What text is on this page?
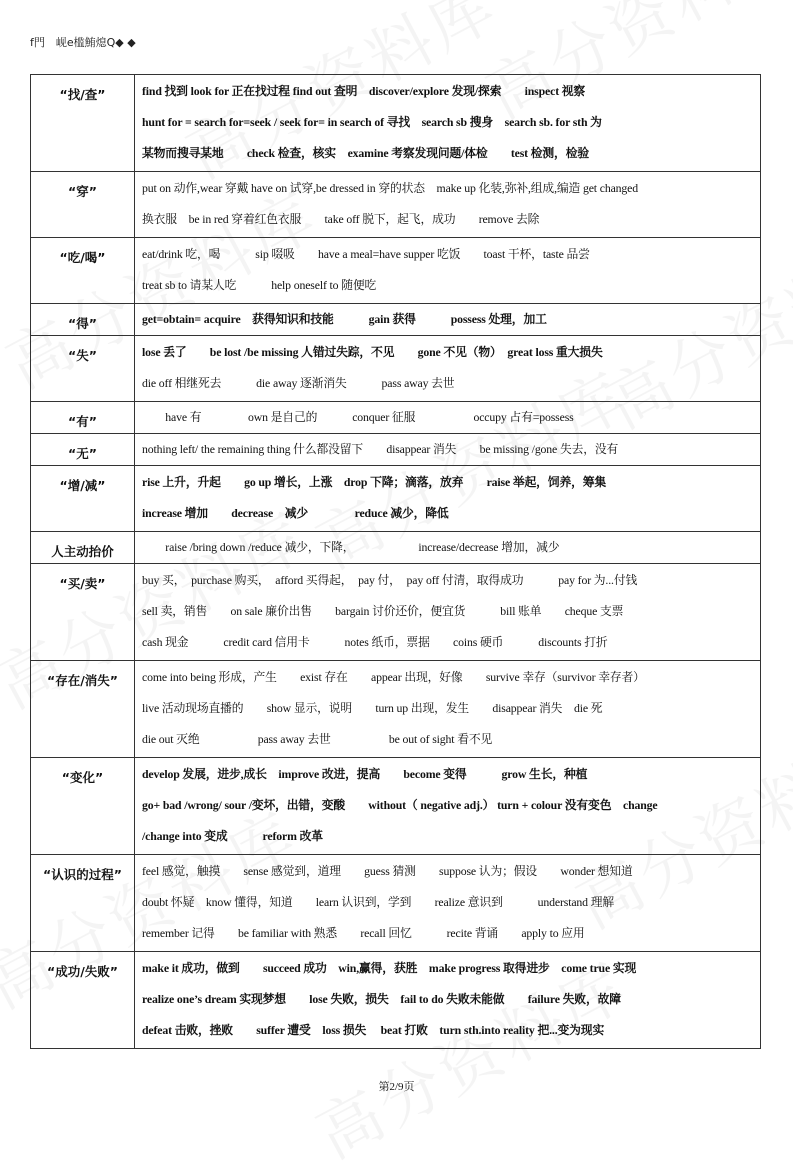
f門　岘e槛鮪熄Q◆ ◆
“找/查”	find 找到 look for 正在找过程 find out 查明　discover/explore 发现/探索　　inspect 视察
hunt for = search for=seek / seek for= in search of 寻找　search sb 搜身　search sb. for sth 为
某物而搜寻某地　　check 检查，核实　examine 考察发现问题/体检　　test 检测，检验

“穿”	put on 动作,wear 穿戴 have on 试穿,be dressed in 穿的状态　make up 化装,弥补,组成,编造 get changed
换衣服　be in red 穿着红色衣服　　take off 脱下，起飞，成功　　remove 去除

“吃/喝”	eat/drink 吃，喝　　　sip 啜吸　　have a meal=have supper 吃饭　　toast 干杯，taste 品尝
treat sb to 请某人吃　　　help oneself to 随便吃

“得”	get=obtain= acquire　获得知识和技能　　　gain 获得　　　possess 处理，加工

“失”	lose 丢了　　be lost /be missing 人错过失踪，不见　　gone 不见（物）　great loss 重大损失
die off 相继死去　　　die away 逐渐消失　　　pass away 去世

“有”	　　have 有　　　　own 是自己的　　　conquer 征服　　　　　occupy 占有=possess

“无”	nothing left/ the remaining thing 什么都没留下　　disappear 消失　　be missing /gone 失去，没有

“增/减”	rise 上升，升起　　go up 增长，上涨　drop 下降；滴落，放弃　　raise 举起，饲养，筹集
increase 增加　　decrease　减少　　　　reduce 减少，降低

人主动抬价	　　raise /bring down /reduce 减少，下降，　　　　　　increase/decrease 增加，减少

“买/卖”	buy 买，　purchase 购买，　afford 买得起，　pay 付，　pay off 付清，取得成功　　　pay for 为...付钱
sell 卖，销售　　on sale 廉价出售　　bargain 讨价还价，便宜货　　　bill 账单　　cheque 支票
cash 现金　　　credit card 信用卡　　　notes 纸币，票据　　coins 硬币　　　discounts 打折

“存在/消失”	come into being 形成，产生　　exist 存在　　appear 出现，好像　　survive 幸存（survivor 幸存者）
live 活动现场直播的　　show 显示，说明　　turn up 出现，发生　　disappear 消失　die 死
die out 灭绝　　　　　pass away 去世　　　　　be out of sight 看不见

“变化”	develop 发展，进步,成长　improve 改进，提高　　become 变得　　　grow 生长，种植
go+ bad /wrong/ sour /变坏，出错，变酸　　without（ negative adj.） turn + colour 没有变色　change
/change into 变成　　　reform 改革

“认识的过程”	feel 感觉，触摸　　sense 感觉到，道理　　guess 猜测　　suppose 认为；假设　　wonder 想知道
doubt 怀疑　know 懂得，知道　　learn 认识到，学到　　realize 意识到　　　understand 理解
remember 记得　　be familiar with 熟悉　　recall 回忆　　　recite 背诵　　apply to 应用

“成功/失败”	make it 成功，做到　　succeed 成功　win,赢得，获胜　make progress 取得进步　come true 实现
realize one’s dream 实现梦想　　lose 失败，损失　fail to do 失败未能做　　failure 失败，故障
defeat 击败，挫败　　suffer 遭受　loss 损失　 beat 打败　turn sth.into reality 把...变为现实
第2/9页
